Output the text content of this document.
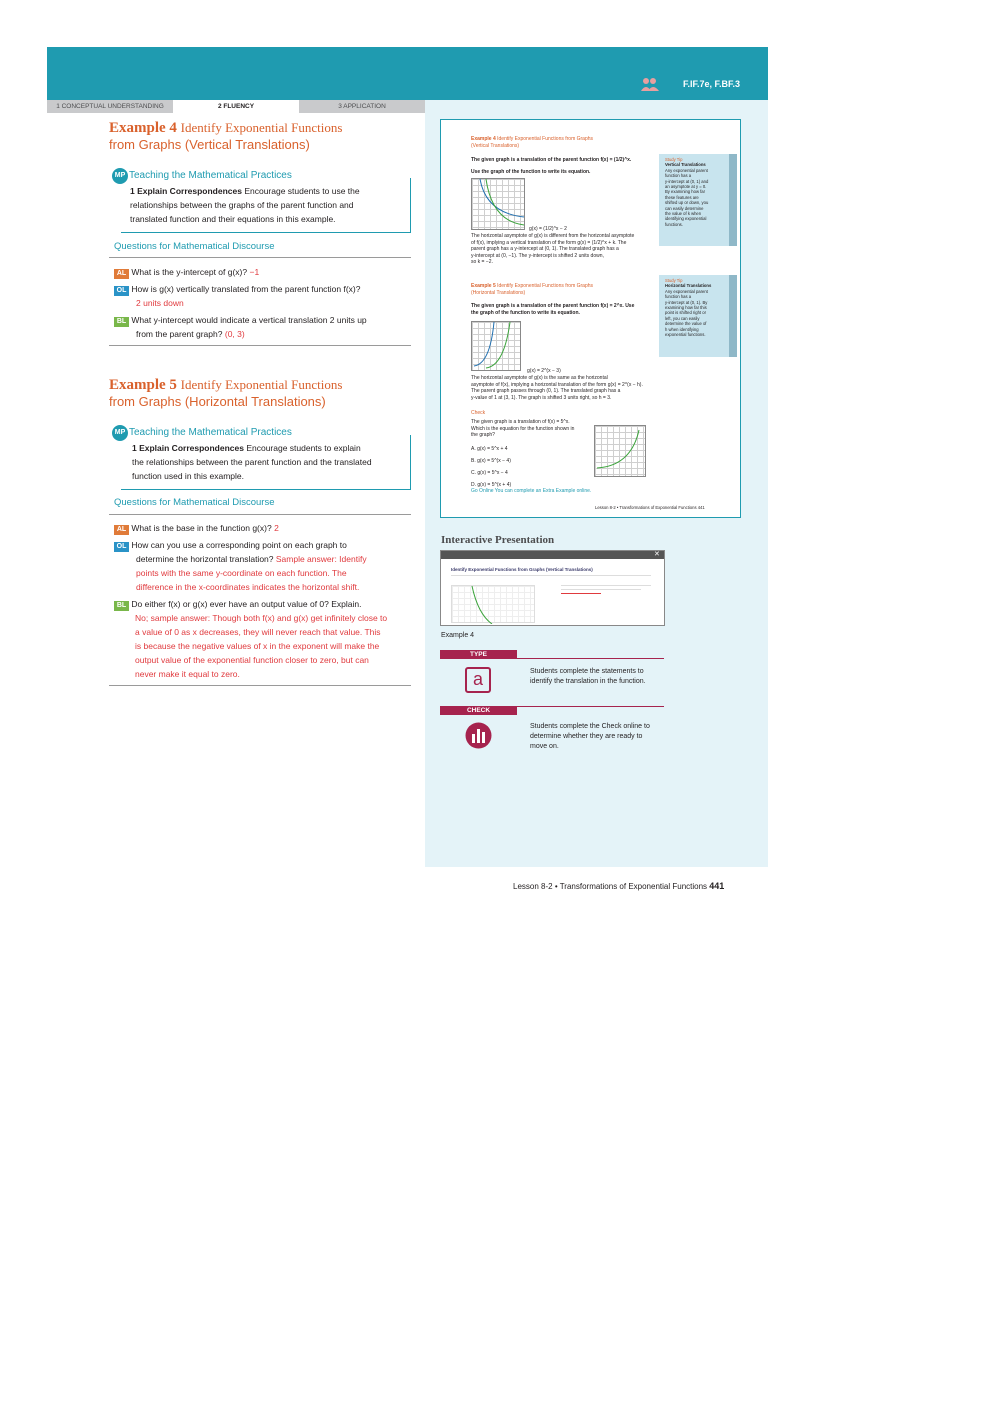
F.IF.7e, F.BF.3
1 CONCEPTUAL UNDERSTANDING	2 FLUENCY	3 APPLICATION
Example 4 Identify Exponential Functions
from Graphs (Vertical Translations)
MP Teaching the Mathematical Practices
1 Explain Correspondences Encourage students to use the
relationships between the graphs of the parent function and
translated function and their equations in this example.
Questions for Mathematical Discourse
AL What is the y-intercept of g(x)? −1
OL How is g(x) vertically translated from the parent function f(x)?
2 units down
BL What y-intercept would indicate a vertical translation 2 units up
from the parent graph? (0, 3)
Example 5 Identify Exponential Functions
from Graphs (Horizontal Translations)
MP Teaching the Mathematical Practices
1 Explain Correspondences Encourage students to explain
the relationships between the parent function and the translated
function used in this example.
Questions for Mathematical Discourse
AL What is the base in the function g(x)? 2
OL How can you use a corresponding point on each graph to
determine the horizontal translation? Sample answer: Identify
points with the same y-coordinate on each function. The
difference in the x-coordinates indicates the horizontal shift.
BL Do either f(x) or g(x) ever have an output value of 0? Explain.
No; sample answer: Though both f(x) and g(x) get infinitely close to
a value of 0 as x decreases, they will never reach that value. This
is because the negative values of x in the exponent will make the
output value of the exponential function closer to zero, but can
never make it equal to zero.
Example 4 Identify Exponential Functions from Graphs
(Vertical Translations)
The given graph is a translation of the parent function f(x) = (1/2)^x.
Use the graph of the function to write its equation.
g(x) = (1/2)^x − 2
The horizontal asymptote of g(x) is different from the horizontal asymptote
of f(x), implying a vertical translation of the form g(x) = (1/2)^x + k. The
parent graph has a y-intercept at (0, 1). The translated graph has a
y-intercept at (0, −1). The y-intercept is shifted 2 units down,
so k = −2.
Example 5 Identify Exponential Functions from Graphs
(Horizontal Translations)
The given graph is a translation of the parent function f(x) = 2^x. Use
the graph of the function to write its equation.
g(x) = 2^(x − 3)
The horizontal asymptote of g(x) is the same as the horizontal
asymptote of f(x), implying a horizontal translation of the form g(x) = 2^(x − h).
The parent graph passes through (0, 1). The translated graph has a
y-value of 1 at (3, 1). The graph is shifted 3 units right, so h = 3.
Check
The given graph is a translation of f(x) = 5^x.
Which is the equation for the function shown in
the graph?
A. g(x) = 5^x + 4
B. g(x) = 5^(x − 4)
C. g(x) = 5^x − 4
D. g(x) = 5^(x + 4)
Go Online You can complete an Extra Example online.
Lesson 8-2 • Transformations of Exponential Functions 441
Study Tip
Vertical Translations
Any exponential parent
function has a
y-intercept at (0, 1) and
an asymptote at y = 0.
By examining how far
these features are
shifted up or down, you
can easily determine
the value of k when
identifying exponential
functions.
Study Tip
Horizontal Translations
Any exponential parent
function has a
y-intercept at (0, 1). By
examining how far this
point is shifted right or
left, you can easily
determine the value of
h when identifying
exponential functions.
Interactive Presentation
✕
Identify Exponential Functions from Graphs (Vertical Translations)
Example 4
TYPE
a	Students complete the statements to
identify the translation in the function.
CHECK
Students complete the Check online to
determine whether they are ready to
move on.
Lesson 8-2 • Transformations of Exponential Functions 441
